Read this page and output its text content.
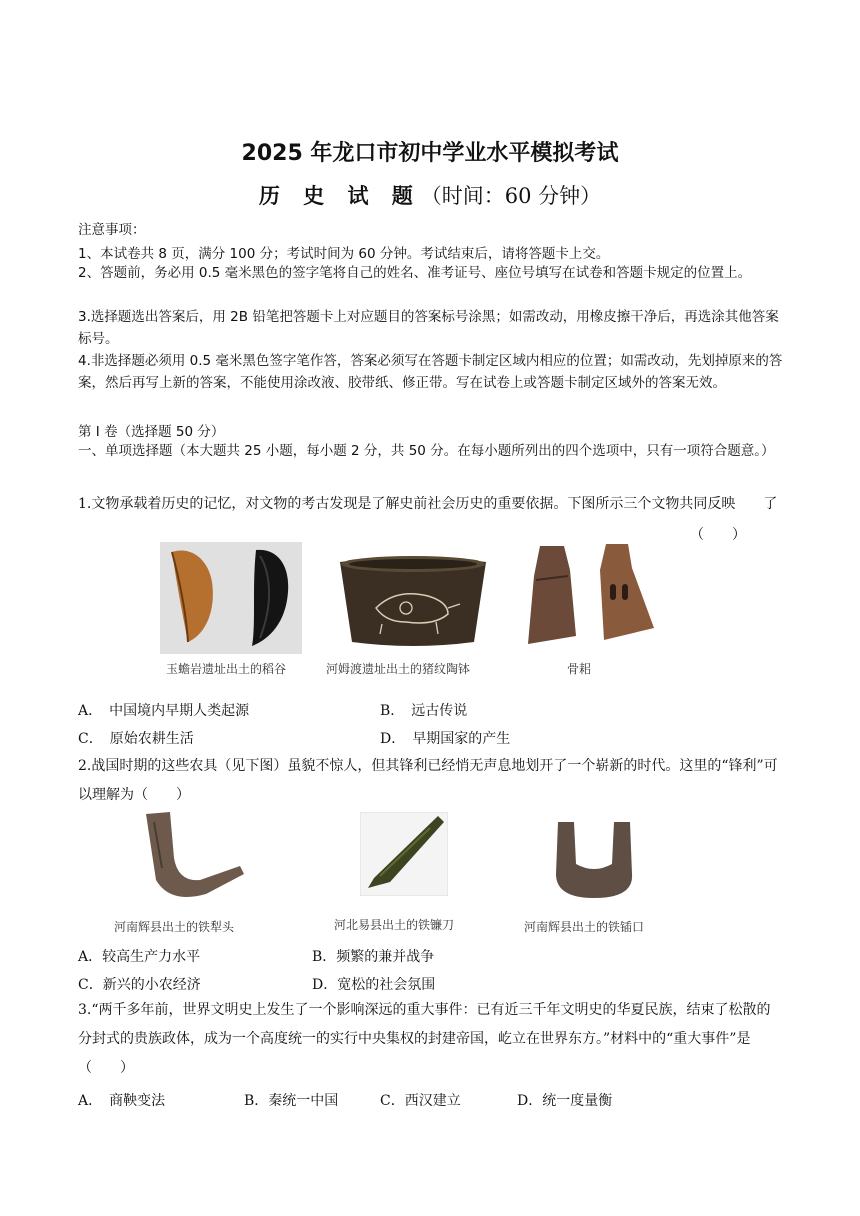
2025 年龙口市初中学业水平模拟考试
历 史 试 题（时间：60 分钟）
注意事项：
1、本试卷共 8 页，满分 100 分；考试时间为 60 分钟。考试结束后，请将答题卡上交。
2、答题前，务必用 0.5 毫米黑色的签字笔将自己的姓名、准考证号、座位号填写在试卷和答题卡规定的位置上。
3.选择题选出答案后，用 2B 铅笔把答题卡上对应题目的答案标号涂黑；如需改动，用橡皮擦干净后，再选涂其他答案标号。
4.非选择题必须用 0.5 毫米黑色签字笔作答，答案必须写在答题卡制定区域内相应的位置；如需改动，先划掉原来的答案，然后再写上新的答案，不能使用涂改液、胶带纸、修正带。写在试卷上或答题卡制定区域外的答案无效。
第 I 卷（选择题 50 分）
一、单项选择题（本大题共 25 小题，每小题 2 分，共 50 分。在每小题所列出的四个选项中，只有一项符合题意。）
1.文物承载着历史的记忆，对文物的考古发现是了解史前社会历史的重要依据。下图所示三个文物共同反映　　了
（　　）
玉蟾岩遗址出土的稻谷	河姆渡遗址出土的猪纹陶钵	骨耜
A．　中国境内早期人类起源	B．　远古传说
C．　原始农耕生活	D．　早期国家的产生
2.战国时期的这些农具（见下图）虽貌不惊人，但其锋利已经悄无声息地划开了一个崭新的时代。这里的“锋利”可以理解为（　　）
河南辉县出土的铁犁头	河北易县出土的铁镰刀	河南辉县出土的铁锸口
A．较高生产力水平	B．频繁的兼并战争
C．新兴的小农经济	D．宽松的社会氛围
3.“两千多年前，世界文明史上发生了一个影响深远的重大事件：已有近三千年文明史的华夏民族，结束了松散的分封式的贵族政体，成为一个高度统一的实行中央集权的封建帝国，屹立在世界东方。”材料中的“重大事件”是（　　）
A．　商鞅变法	B．秦统一中国	C．西汉建立	D．统一度量衡
